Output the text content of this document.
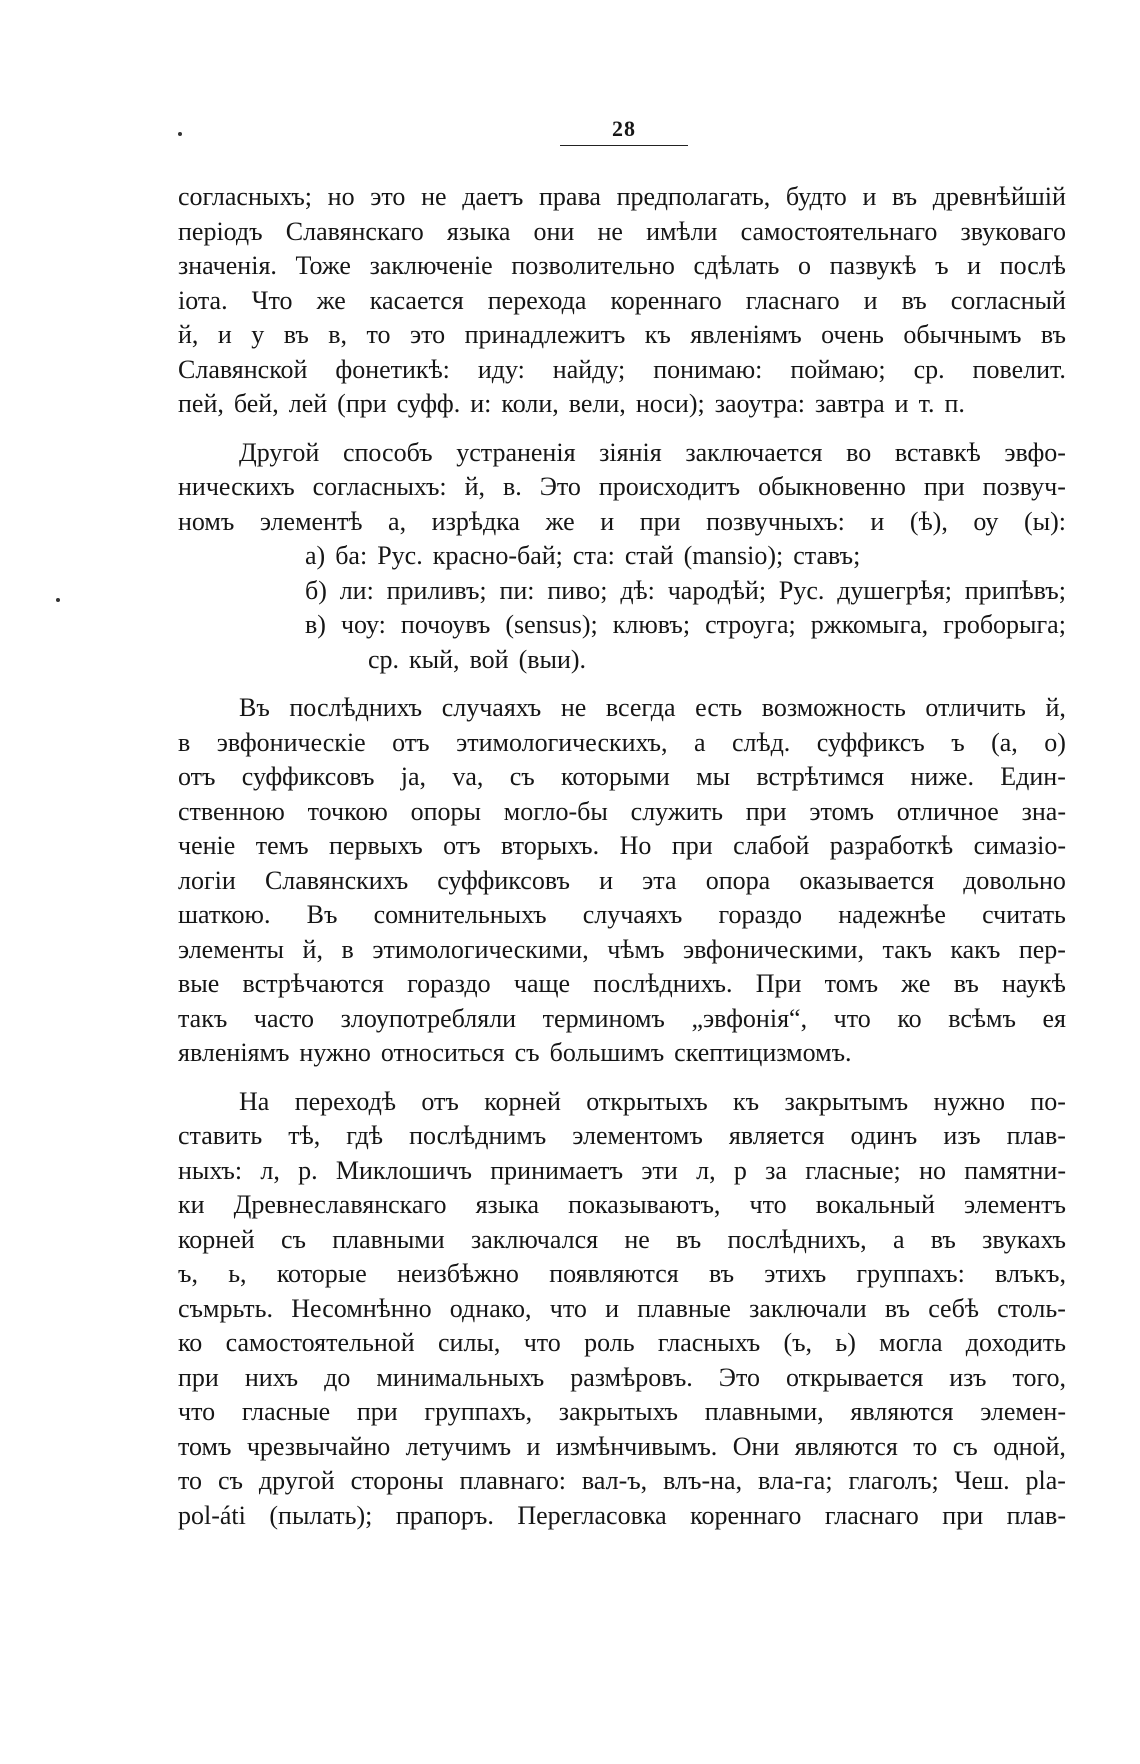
28
согласныхъ; но это не даетъ права предполагать, будто и въ древнѣйшій
періодъ Славянскаго языка они не имѣли самостоятельнаго звуковаго
значенія. Тоже заключеніе позволительно сдѣлать о пазвукѣ ъ и послѣ
іота. Что же касается перехода кореннаго гласнаго и въ согласный
й, и у въ в, то это принадлежитъ къ явленіямъ очень обычнымъ въ
Славянской фонетикѣ: иду: найду; понимаю: поймаю; ср. повелит.
пей, бей, лей (при суфф. и: коли, вели, носи); заоутра: завтра и т. п.
Другой способъ устраненія зіянія заключается во вставкѣ эвфо-
ническихъ согласныхъ: й, в. Это происходитъ обыкновенно при позвуч-
номъ элементѣ а, изрѣдка же и при позвучныхъ: и (ѣ), оу (ы):
а) ба: Рус. красно-бай; ста: стай (mansio); ставъ;
б) ли: приливъ; пи: пиво; дѣ: чародѣй; Рус. душегрѣя; припѣвъ;
в) чоу: почоувъ (sensus); клювъ; строуга; ржкомыга, гроборыга;
ср. кый, вой (выи).
Въ послѣднихъ случаяхъ не всегда есть возможность отличить й,
в эвфоническіе отъ этимологическихъ, а слѣд. суффиксъ ъ (а, о)
отъ суффиксовъ ja, va, съ которыми мы встрѣтимся ниже. Един-
ственною точкою опоры могло-бы служить при этомъ отличное зна-
ченіе темъ первыхъ отъ вторыхъ. Но при слабой разработкѣ симазіо-
логіи Славянскихъ суффиксовъ и эта опора оказывается довольно
шаткою. Въ сомнительныхъ случаяхъ гораздо надежнѣе считать
элементы й, в этимологическими, чѣмъ эвфоническими, такъ какъ пер-
вые встрѣчаются гораздо чаще послѣднихъ. При томъ же въ наукѣ
такъ часто злоупотребляли терминомъ „эвфонія“, что ко всѣмъ ея
явленіямъ нужно относиться съ большимъ скептицизмомъ.
На переходѣ отъ корней открытыхъ къ закрытымъ нужно по-
ставить тѣ, гдѣ послѣднимъ элементомъ является одинъ изъ плав-
ныхъ: л, р. Миклошичъ принимаетъ эти л, р за гласные; но памятни-
ки Древнеславянскаго языка показываютъ, что вокальный элементъ
корней съ плавными заключался не въ послѣднихъ, а въ звукахъ
ъ, ь, которые неизбѣжно появляются въ этихъ группахъ: влъкъ,
съмрьть. Несомнѣнно однако, что и плавные заключали въ себѣ столь-
ко самостоятельной силы, что роль гласныхъ (ъ, ь) могла доходить
при нихъ до минимальныхъ размѣровъ. Это открывается изъ того,
что гласные при группахъ, закрытыхъ плавными, являются элемен-
томъ чрезвычайно летучимъ и измѣнчивымъ. Они являются то съ одной,
то съ другой стороны плавнаго: вал-ъ, влъ-на, вла-га; глаголъ; Чеш. pla-
pol-áti (пылать); прапоръ. Перегласовка кореннаго гласнаго при плав-
